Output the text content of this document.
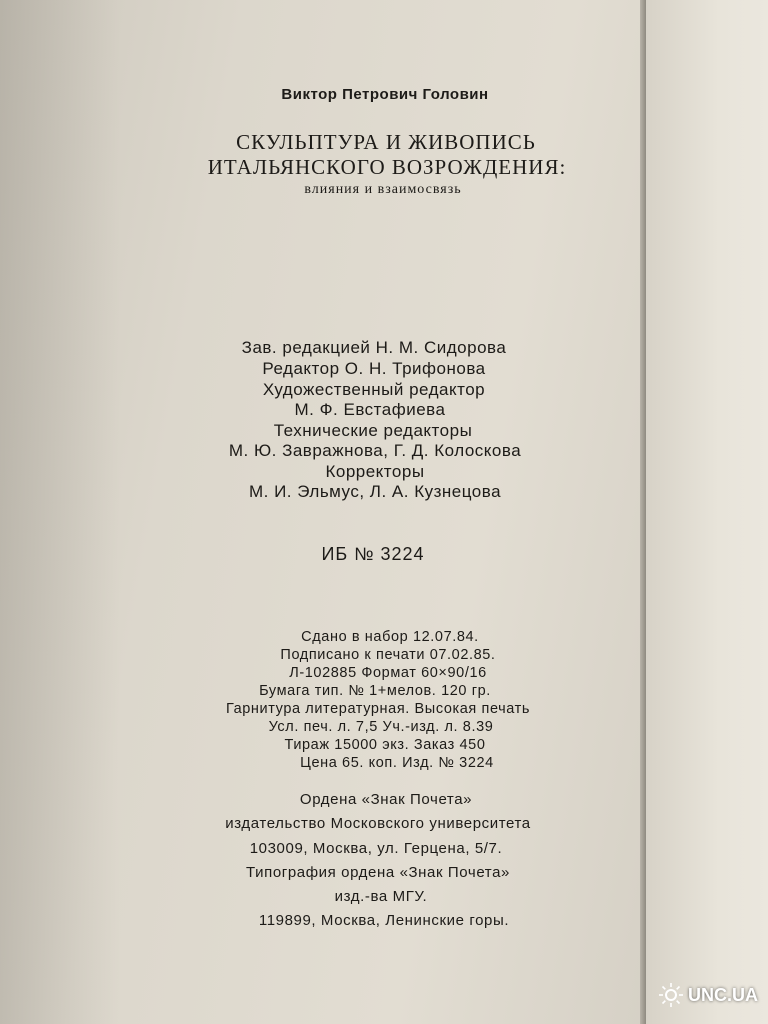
Виктор Петрович Головин
СКУЛЬПТУРА И ЖИВОПИСЬ
ИТАЛЬЯНСКОГО ВОЗРОЖДЕНИЯ:
влияния и взаимосвязь
Зав. редакцией Н. М. Сидорова
Редактор О. Н. Трифонова
Художественный редактор
М. Ф. Евстафиева
Технические редакторы
М. Ю. Завражнова, Г. Д. Колоскова
Корректоры
М. И. Эльмус, Л. А. Кузнецова
ИБ № 3224
Сдано в набор 12.07.84.
Подписано к печати 07.02.85.
Л-102885 Формат 60×90/16
Бумага тип. № 1+мелов. 120 гр.
Гарнитура литературная. Высокая печать
Усл. печ. л. 7,5 Уч.-изд. л. 8.39
Тираж 15000 экз. Заказ 450
Цена 65. коп. Изд. № 3224
Ордена «Знак Почета»
издательство Московского университета
103009, Москва, ул. Герцена, 5/7.
Типография ордена «Знак Почета»
изд.-ва МГУ.
119899, Москва, Ленинские горы.
UNC.UA
